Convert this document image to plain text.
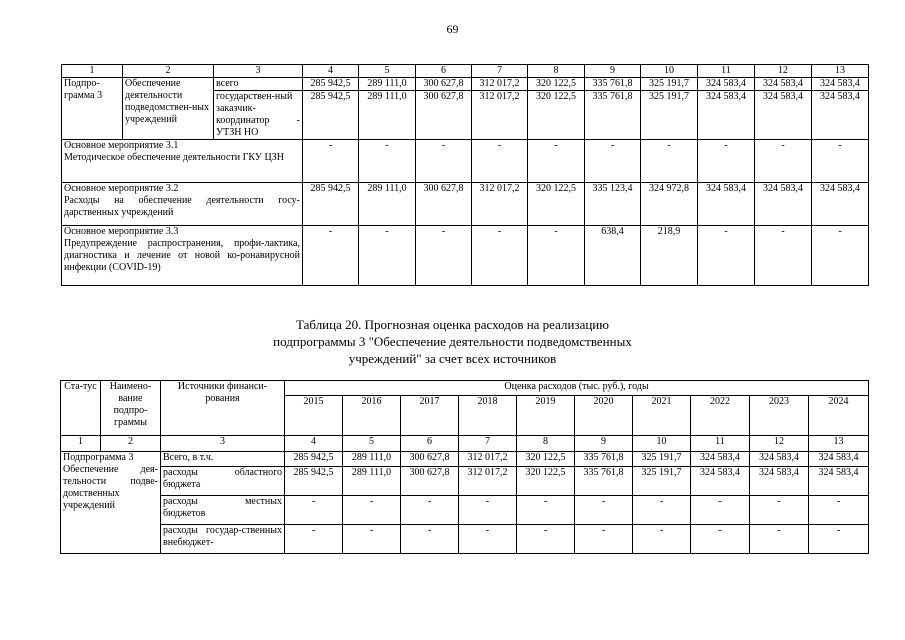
69
1	2	3	4	5	6	7	8	9	10	11	12	13
Подпро-грамма 3	Обеспечение деятельности подведомствен-ных учреждений	всего	285 942,5	289 111,0	300 627,8	312 017,2	320 122,5	335 761,8	325 191,7	324 583,4	324 583,4	324 583,4
		государствен-ный заказчик-координатор - УТЗН НО	285 942,5	289 111,0	300 627,8	312 017,2	320 122,5	335 761,8	325 191,7	324 583,4	324 583,4	324 583,4

Основное мероприятие 3.1
Методическое обеспечение деятельности ГКУ ЦЗН			-	-	-	-	-	-	-	-	-	-

Основное мероприятие 3.2
Расходы на обеспечение деятельности госу-дарственных учреждений			285 942,5	289 111,0	300 627,8	312 017,2	320 122,5	335 123,4	324 972,8	324 583,4	324 583,4	324 583,4

Основное мероприятие 3.3
Предупреждение распространения, профи-лактика, диагностика и лечение от новой ко-ронавирусной инфекции (COVID-19)			-	-	-	-	-	638,4	218,9	-	-	-
Таблица 20. Прогнозная оценка расходов на реализацию
подпрограммы 3 "Обеспечение деятельности подведомственных
учреждений" за счет всех источников
Ста-тус	Наимено-вание подпро-граммы	Источники финанси-рования	Оценка расходов (тыс. руб.), годы									
			2015	2016	2017	2018	2019	2020	2021	2022	2023	2024
1	2	3	4	5	6	7	8	9	10	11	12	13

Подпрограмма 3
Обеспечение дея-тельности подве-домственных учреждений		Всего, в т.ч.	285 942,5	289 111,0	300 627,8	312 017,2	320 122,5	335 761,8	325 191,7	324 583,4	324 583,4	324 583,4
		расходы областного бюджета	285 942,5	289 111,0	300 627,8	312 017,2	320 122,5	335 761,8	325 191,7	324 583,4	324 583,4	324 583,4
		расходы местных бюджетов	-	-	-	-	-	-	-	-	-	-
		расходы государ-ственных внебюджет-	-	-	-	-	-	-	-	-	-	-
